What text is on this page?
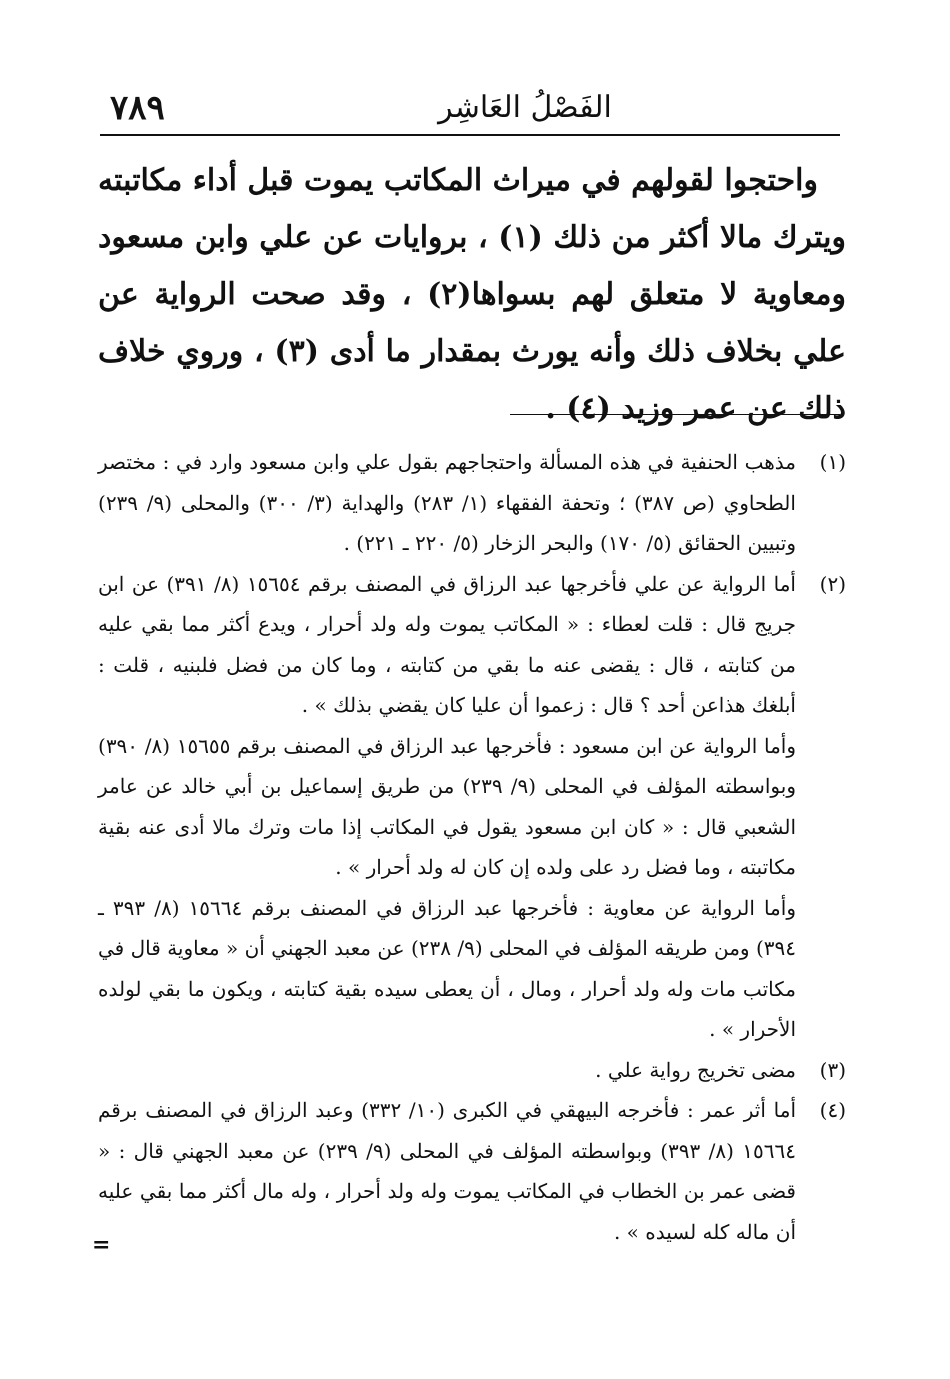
٧٨٩	الفَصْلُ العَاشِر

واحتجوا لقولهم في ميراث المكاتب يموت قبل أداء مكاتبته ويترك مالا أكثر من ذلك (١) ، بروايات عن علي وابن مسعود ومعاوية لا متعلق لهم بسواها(٢) ، وقد صحت الرواية عن علي بخلاف ذلك وأنه يورث بمقدار ما أدى (٣) ، وروي خلاف ذلك عن عمر وزيد (٤) .

(١)

مذهب الحنفية في هذه المسألة واحتجاجهم بقول علي وابن مسعود وارد في : مختصر الطحاوي (ص ٣٨٧) ؛ وتحفة الفقهاء (١/ ٢٨٣) والهداية (٣/ ٣٠٠) والمحلى (٩/ ٢٣٩) وتبيين الحقائق (٥/ ١٧٠) والبحر الزخار (٥/ ٢٢٠ ـ ٢٢١) .

(٢)

أما الرواية عن علي فأخرجها عبد الرزاق في المصنف برقم ١٥٦٥٤ (٨/ ٣٩١) عن ابن جريج قال : قلت لعطاء : « المكاتب يموت وله ولد أحرار ، ويدع أكثر مما بقي عليه من كتابته ، قال : يقضى عنه ما بقي من كتابته ، وما كان من فضل فلبنيه ، قلت : أبلغك هذاعن أحد ؟ قال : زعموا أن عليا كان يقضي بذلك » .

وأما الرواية عن ابن مسعود : فأخرجها عبد الرزاق في المصنف برقم ١٥٦٥٥ (٨/ ٣٩٠) وبواسطته المؤلف في المحلى (٩/ ٢٣٩) من طريق إسماعيل بن أبي خالد عن عامر الشعبي قال : « كان ابن مسعود يقول في المكاتب إذا مات وترك مالا أدى عنه بقية مكاتبته ، وما فضل رد على ولده إن كان له ولد أحرار » .

وأما الرواية عن معاوية : فأخرجها عبد الرزاق في المصنف برقم ١٥٦٦٤ (٨/ ٣٩٣ ـ ٣٩٤) ومن طريقه المؤلف في المحلى (٩/ ٢٣٨) عن معبد الجهني أن « معاوية قال في مكاتب مات وله ولد أحرار ، ومال ، أن يعطى سيده بقية كتابته ، ويكون ما بقي لولده الأحرار » .

(٣)

مضى تخريج رواية علي .

(٤)

أما أثر عمر : فأخرجه البيهقي في الكبرى (١٠/ ٣٣٢) وعبد الرزاق في المصنف برقم ١٥٦٦٤ (٨/ ٣٩٣) وبواسطته المؤلف في المحلى (٩/ ٢٣٩) عن معبد الجهني قال : « قضى عمر بن الخطاب في المكاتب يموت وله ولد أحرار ، وله مال أكثر مما بقي عليه أن ماله كله لسيده » .

=
